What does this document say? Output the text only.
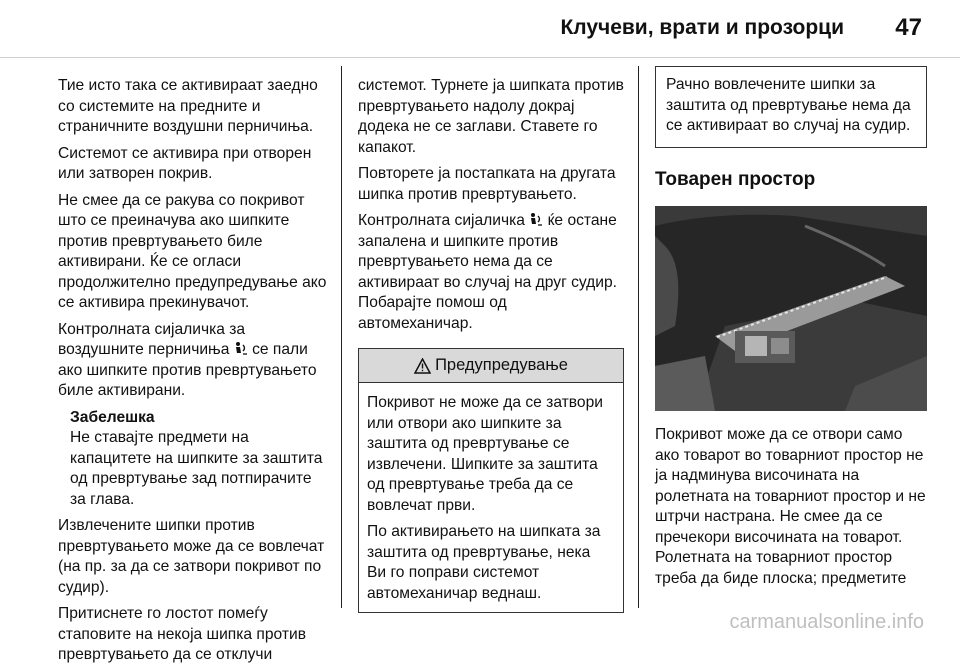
Клучеви, врати и прозорци 47

Тие исто така се активираат заедно со системите на предните и страничните воздушни перничиња.

Системот се активира при отворен или затворен покрив.

Не смее да се ракува со покривот што се преиначува ако шипките против превртувањето биле активирани. Ќе се огласи продолжително предупредување ако се активира прекинувачот.

Контролната сијаличка за воздушните перничиња  се пали ако шипките против превртувањето биле активирани.

Забелешка
Не ставајте предмети на капацитете на шипките за заштита од превртување зад потпирачите за глава.

Извлечените шипки против превртувањето може да се вовлечат (на пр. за да се затвори покривот по судир).

Притиснете го лостот помеѓу стаповите на некоја шипка против превртувањето да се отклучи

системот. Турнете ја шипката против превртувањето надолу докрај додека не се заглави. Ставете го капакот.

Повторете ја постапката на другата шипка против превртувањето.

Контролната сијаличка  ќе остане запалена и шипките против превртувањето нема да се активираат во случај на друг судир. Побарајте помош од автомеханичар.

Предупредување

Покривот не може да се затвори или отвори ако шипките за заштита од превртување се извлечени. Шипките за заштита од превртување треба да се вовлечат први.

По активирањето на шипката за заштита од превртување, нека Ви го поправи системот автомеханичар веднаш.

Рачно вовлечените шипки за заштита од превртување нема да се активираат во случај на судир.
Товарен простор

Покривот може да се отвори само ако товарот во товарниот простор не ја надминува височината на ролетната на товарниот простор и не штрчи настрана. Не смее да се пречекори височината на товарот. Ролетната на товарниот простор треба да биде плоска; предметите

carmanualsonline.info
